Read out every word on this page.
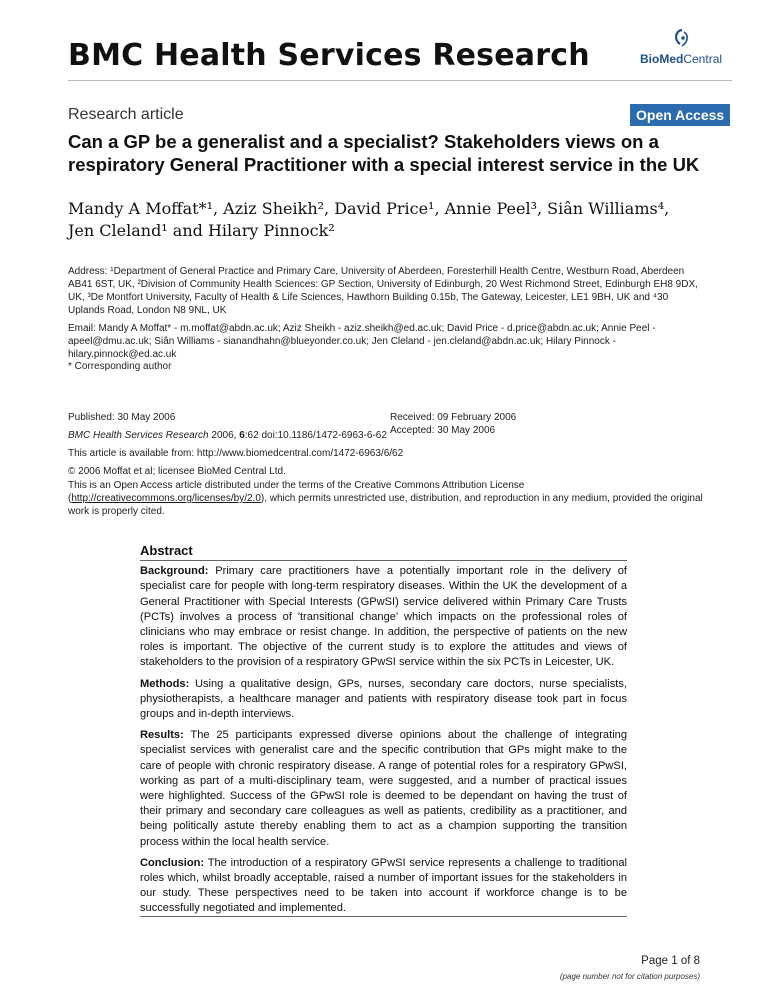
BMC Health Services Research	BioMedCentral
Research article	Open Access
Can a GP be a generalist and a specialist? Stakeholders views on a respiratory General Practitioner with a special interest service in the UK
Mandy A Moffat*¹, Aziz Sheikh², David Price¹, Annie Peel³, Siân Williams⁴,
Jen Cleland¹ and Hilary Pinnock²
Address: ¹Department of General Practice and Primary Care, University of Aberdeen, Foresterhill Health Centre, Westburn Road, Aberdeen AB41 6ST, UK, ²Division of Community Health Sciences: GP Section, University of Edinburgh, 20 West Richmond Street, Edinburgh EH8 9DX, UK, ³De Montfort University, Faculty of Health & Life Sciences, Hawthorn Building 0.15b, The Gateway, Leicester, LE1 9BH, UK and ⁴30 Uplands Road, London N8 9NL, UK
Email: Mandy A Moffat* - m.moffat@abdn.ac.uk; Aziz Sheikh - aziz.sheikh@ed.ac.uk; David Price - d.price@abdn.ac.uk; Annie Peel - apeel@dmu.ac.uk; Siân Williams - sianandhahn@blueyonder.co.uk; Jen Cleland - jen.cleland@abdn.ac.uk; Hilary Pinnock - hilary.pinnock@ed.ac.uk
* Corresponding author
Published: 30 May 2006
BMC Health Services Research 2006, 6:62 doi:10.1186/1472-6963-6-62
Received: 09 February 2006
Accepted: 30 May 2006
This article is available from: http://www.biomedcentral.com/1472-6963/6/62
© 2006 Moffat et al; licensee BioMed Central Ltd.
This is an Open Access article distributed under the terms of the Creative Commons Attribution License (http://creativecommons.org/licenses/by/2.0), which permits unrestricted use, distribution, and reproduction in any medium, provided the original work is properly cited.
Abstract

Background: Primary care practitioners have a potentially important role in the delivery of specialist care for people with long-term respiratory diseases. Within the UK the development of a General Practitioner with Special Interests (GPwSI) service delivered within Primary Care Trusts (PCTs) involves a process of 'transitional change' which impacts on the professional roles of clinicians who may embrace or resist change. In addition, the perspective of patients on the new roles is important. The objective of the current study is to explore the attitudes and views of stakeholders to the provision of a respiratory GPwSI service within the six PCTs in Leicester, UK.

Methods: Using a qualitative design, GPs, nurses, secondary care doctors, nurse specialists, physiotherapists, a healthcare manager and patients with respiratory disease took part in focus groups and in-depth interviews.

Results: The 25 participants expressed diverse opinions about the challenge of integrating specialist services with generalist care and the specific contribution that GPs might make to the care of people with chronic respiratory disease. A range of potential roles for a respiratory GPwSI, working as part of a multi-disciplinary team, were suggested, and a number of practical issues were highlighted. Success of the GPwSI role is deemed to be dependant on having the trust of their primary and secondary care colleagues as well as patients, credibility as a practitioner, and being politically astute thereby enabling them to act as a champion supporting the transition process within the local health service.

Conclusion: The introduction of a respiratory GPwSI service represents a challenge to traditional roles which, whilst broadly acceptable, raised a number of important issues for the stakeholders in our study. These perspectives need to be taken into account if workforce change is to be successfully negotiated and implemented.

Page 1 of 8
(page number not for citation purposes)
